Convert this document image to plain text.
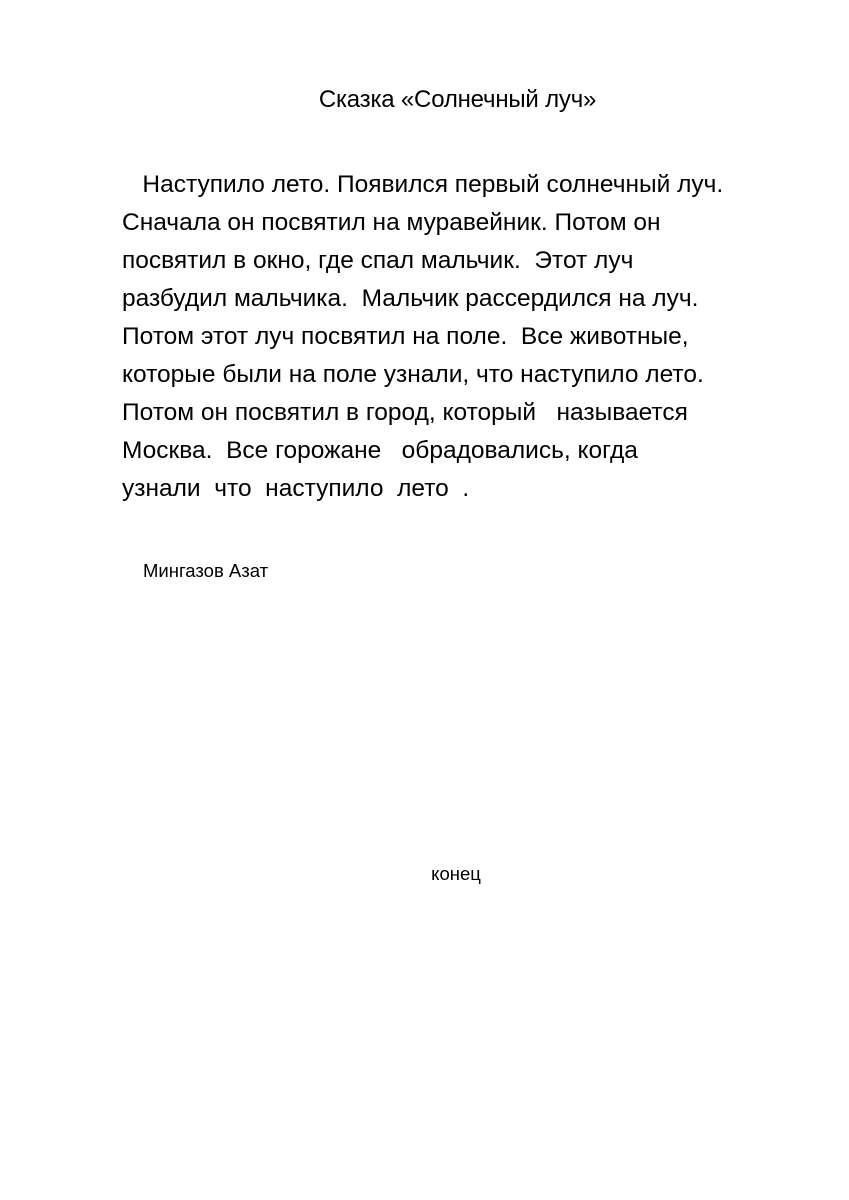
Сказка «Солнечный луч»
Наступило лето. Появился первый солнечный луч.
Сначала он посвятил на муравейник. Потом он
посвятил в окно, где спал мальчик.  Этот луч
разбудил мальчика.  Мальчик рассердился на луч.
Потом этот луч посвятил на поле.  Все животные,
которые были на поле узнали, что наступило лето.
Потом он посвятил в город, который   называется
Москва.  Все горожане   обрадовались, когда
узнали  что  наступило  лето  .
Мингазов Азат
конец
